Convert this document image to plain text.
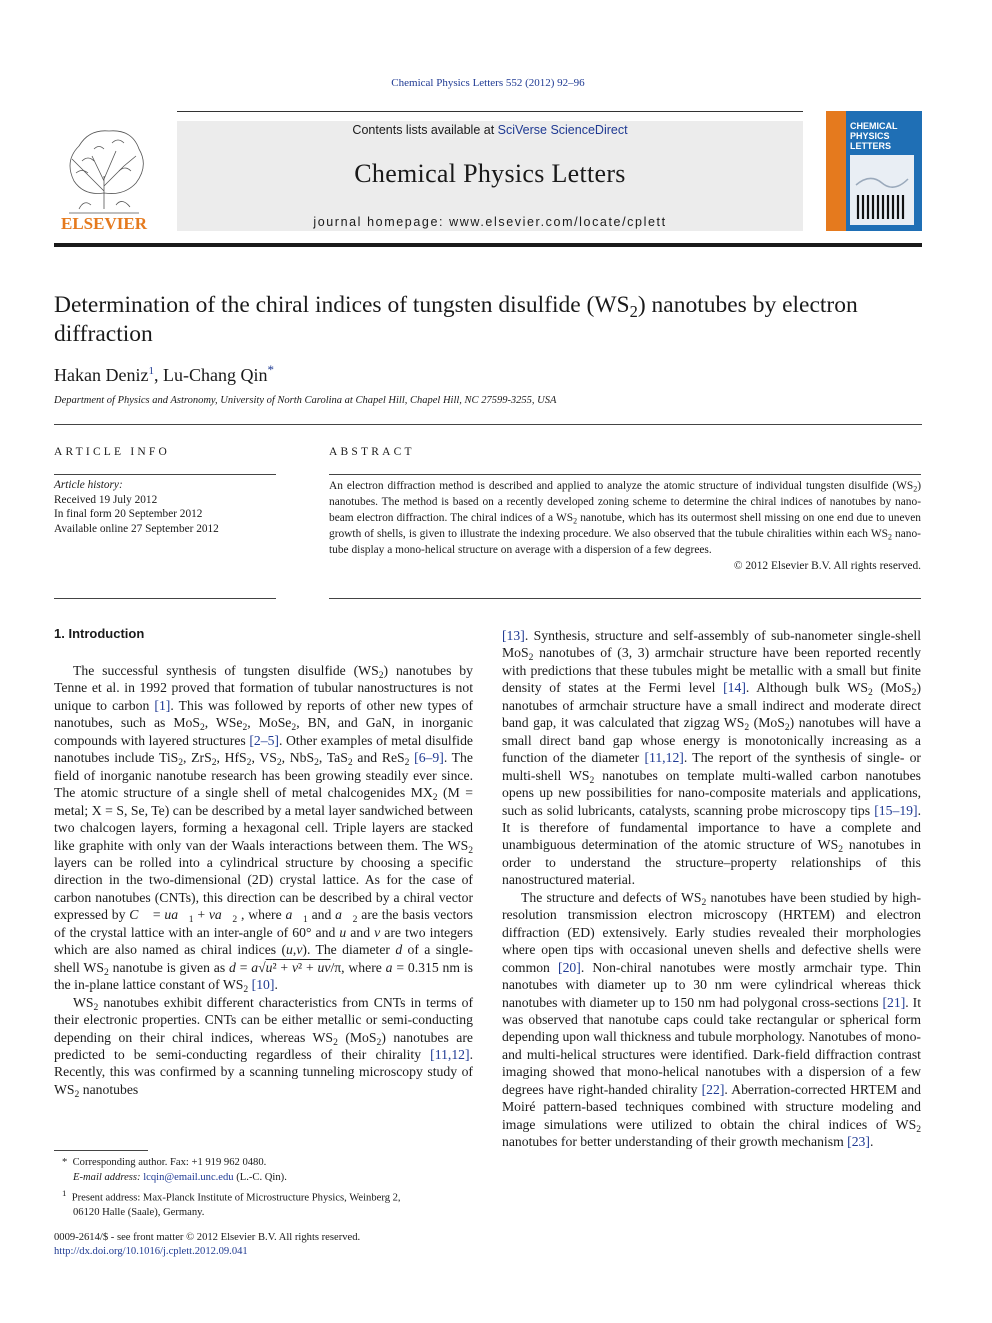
Chemical Physics Letters 552 (2012) 92–96
ELSEVIER
Contents lists available at SciVerse ScienceDirect
Chemical Physics Letters
journal homepage: www.elsevier.com/locate/cplett
CHEMICAL
PHYSICS
LETTERS
Determination of the chiral indices of tungsten disulfide $(WS_2)$ nanotubes by electron diffraction
Hakan Deniz$^1$, Lu-Chang Qin*
Department of Physics and Astronomy, University of North Carolina at Chapel Hill, Chapel Hill, NC 27599-3255, USA
ARTICLE INFO	ABSTRACT
Article history:
Received 19 July 2012
In final form 20 September 2012
Available online 27 September 2012
An electron diffraction method is described and applied to analyze the atomic structure of individual tungsten disulfide $(WS_2)$ nanotubes. The method is based on a recently developed zoning scheme to determine the chiral indices of nanotubes by nano-beam electron diffraction. The chiral indices of a $WS_2$ nanotube, which has its outermost shell missing on one end due to uneven growth of shells, is given to illustrate the indexing procedure. We also observed that the tubule chiralities within each $WS_2$ nano- tube display a mono-helical structure on average with a dispersion of a few degrees.
© 2012 Elsevier B.V. All rights reserved.
1. Introduction

The successful synthesis of tungsten disulfide $(WS_2)$ nanotubes by Tenne et al. in 1992 proved that formation of tubular nanostructures is not unique to carbon [1]. This was followed by reports of other new types of nanotubes, such as MoS$_2$, WSe$_2$, MoSe$_2$, BN, and GaN, in inorganic compounds with layered structures [2–5]. Other examples of metal disulfide nanotubes include TiS$_2$, ZrS$_2$, HfS$_2$, $VS_2$, NbS$_2$, TaS$_2$ and ReS$_2$ [6–9]. The field of inorganic nanotube research has been growing steadily ever since. The atomic structure of a single shell of metal chalcogenides $MX_2$ (M = metal; X = S, Se, Te) can be described by a metal layer sandwiched between two chalcogen layers, forming a hexagonal cell. Triple layers are stacked like graphite with only van der Waals interactions between them. The $WS_2$ layers can be rolled into a cylindrical structure by choosing a specific direction in the two-dimensional (2D) crystal lattice. As for the case of carbon nanotubes (CNTs), this direction can be described by a chiral vector expressed by C⃗ = $ua⃗_1$ + $va⃗_2$ , where $a⃗_1$ and $a⃗_2$ are the basis vectors of the crystal lattice with an inter-angle of 60° and u and v are two integers which are also named as chiral indices (u,v). The diameter d of a single-shell $WS_2$ nanotube is given as d = a√u² + v² + uv/π, where a = 0.315 nm is the in-plane lattice constant of $WS_2$ [10].

$WS_2$ nanotubes exhibit different characteristics from CNTs in terms of their electronic properties. CNTs can be either metallic or semi-conducting depending on their chiral indices, whereas $WS_2$ (MoS$_2$) nanotubes are predicted to be semi-conducting regardless of their chirality [11,12]. Recently, this was confirmed by a scanning tunneling microscopy study of $WS_2$ nanotubes

[13]. Synthesis, structure and self-assembly of sub-nanometer single-shell MoS$_2$ nanotubes of (3, 3) armchair structure have been reported recently with predictions that these tubules might be metallic with a small but finite density of states at the Fermi level [14]. Although bulk $WS_2$ (MoS$_2$) nanotubes of armchair structure have a small indirect and moderate direct band gap, it was calculated that zigzag $WS_2$ (MoS$_2$) nanotubes will have a small direct band gap whose energy is monotonically increasing as a function of the diameter [11,12]. The report of the synthesis of single- or multi-shell $WS_2$ nanotubes on template multi-walled carbon nanotubes opens up new possibilities for nano-composite materials and applications, such as solid lubricants, catalysts, scanning probe microscopy tips [15–19]. It is therefore of fundamental importance to have a complete and unambiguous determination of the atomic structure of $WS_2$ nanotubes in order to understand the structure–property relationships of this nanostructured material.

The structure and defects of $WS_2$ nanotubes have been studied by high-resolution transmission electron microscopy (HRTEM) and electron diffraction (ED) extensively. Early studies revealed their morphologies where open tips with occasional uneven shells and defective shells were common [20]. Non-chiral nanotubes were mostly armchair type. Thin nanotubes with diameter up to 30 nm were cylindrical whereas thick nanotubes with diameter up to 150 nm had polygonal cross-sections [21]. It was observed that nanotube caps could take rectangular or spherical form depending upon wall thickness and tubule morphology. Nanotubes of mono- and multi-helical structures were identified. Dark-field diffraction contrast imaging showed that mono-helical nanotubes with a dispersion of a few degrees have right-handed chirality [22]. Aberration-corrected HRTEM and Moiré pattern-based techniques combined with structure modeling and image simulations were utilized to obtain the chiral indices of $WS_2$ nanotubes for better understanding of their growth mechanism [23].

*  Corresponding author. Fax: +1 919 962 0480.

E-mail address: lcqin@email.unc.edu (L.-C. Qin).

$^1$ Present address: Max-Planck Institute of Microstructure Physics, Weinberg 2,

06120 Halle (Saale), Germany.

0009-2614/$ - see front matter © 2012 Elsevier B.V. All rights reserved.
http://dx.doi.org/10.1016/j.cplett.2012.09.041
